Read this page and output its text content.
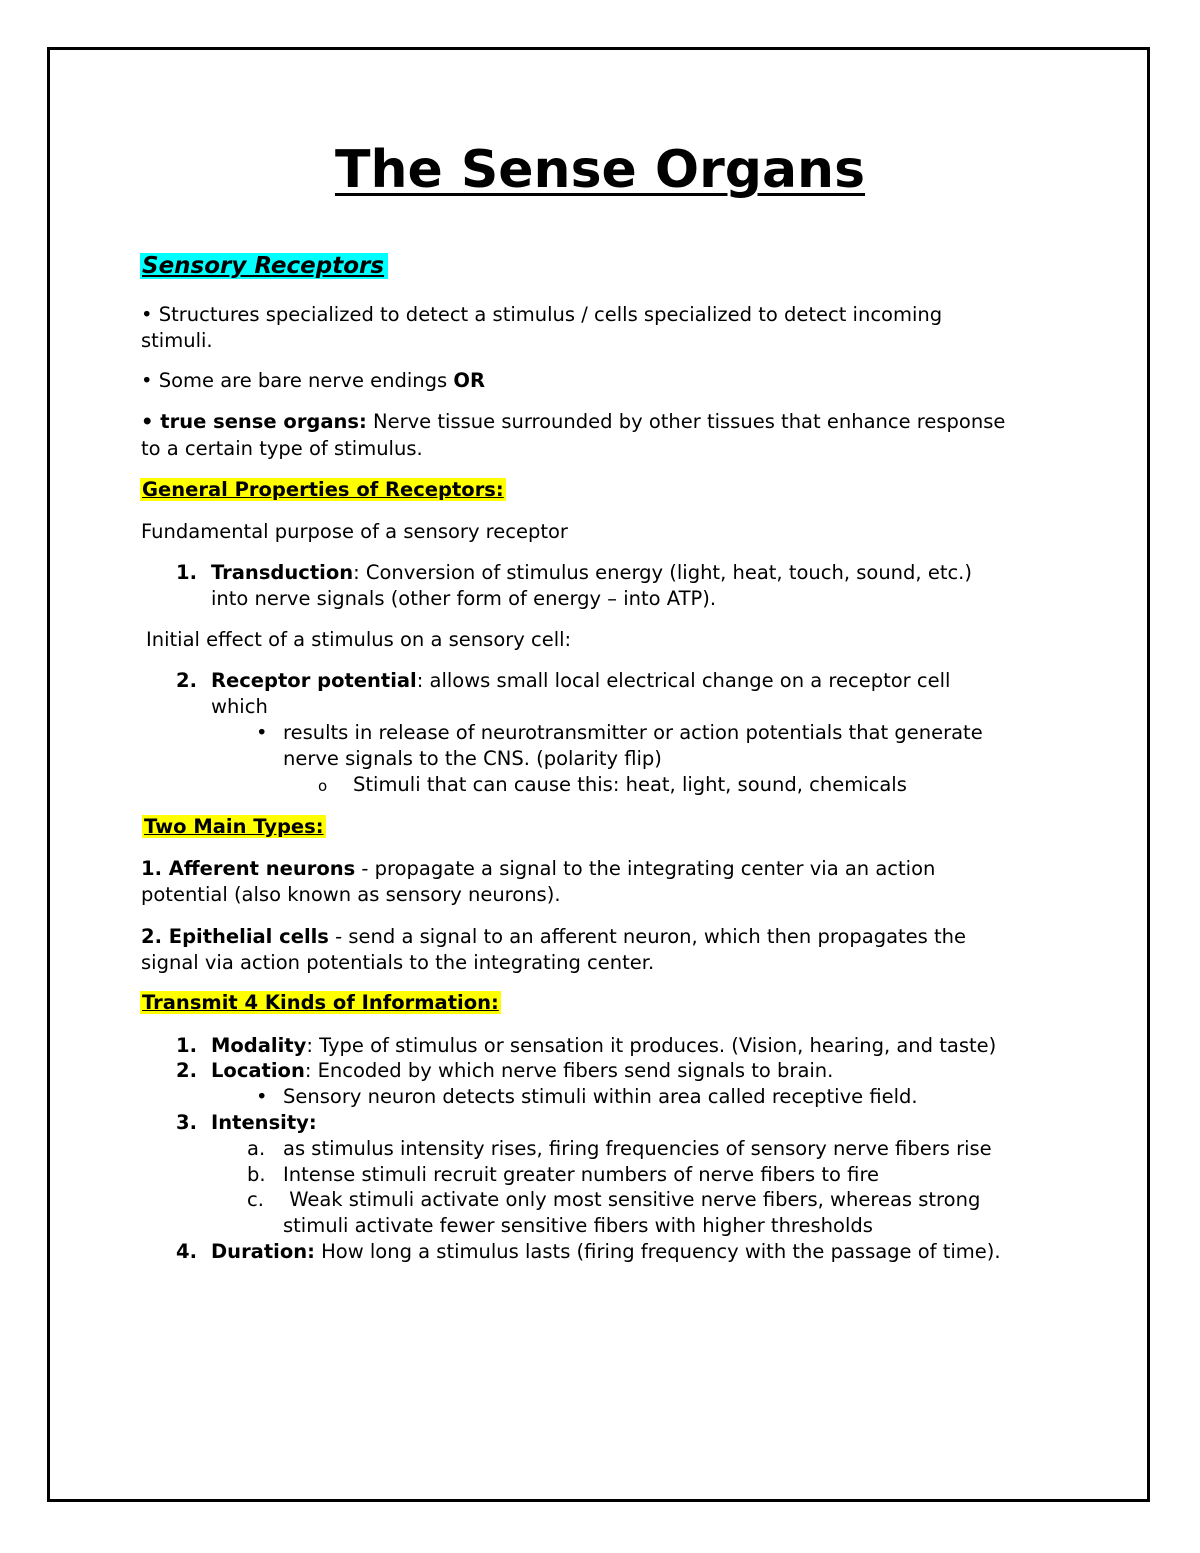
The Sense Organs
Sensory Receptors
• Structures specialized to detect a stimulus / cells specialized to detect incoming
stimuli.
• Some are bare nerve endings OR
• true sense organs: Nerve tissue surrounded by other tissues that enhance response
to a certain type of stimulus.
General Properties of Receptors:
Fundamental purpose of a sensory receptor
1. Transduction: Conversion of stimulus energy (light, heat, touch, sound, etc.)
into nerve signals (other form of energy – into ATP).
Initial effect of a stimulus on a sensory cell:
2. Receptor potential: allows small local electrical change on a receptor cell
which
• results in release of neurotransmitter or action potentials that generate
nerve signals to the CNS. (polarity flip)
o Stimuli that can cause this: heat, light, sound, chemicals
Two Main Types:
1. Afferent neurons - propagate a signal to the integrating center via an action
potential (also known as sensory neurons).
2. Epithelial cells - send a signal to an afferent neuron, which then propagates the
signal via action potentials to the integrating center.
Transmit 4 Kinds of Information:
1. Modality: Type of stimulus or sensation it produces. (Vision, hearing, and taste)
2. Location: Encoded by which nerve fibers send signals to brain.
• Sensory neuron detects stimuli within area called receptive field.
3. Intensity:
a. as stimulus intensity rises, firing frequencies of sensory nerve fibers rise
b. Intense stimuli recruit greater numbers of nerve fibers to fire
c. Weak stimuli activate only most sensitive nerve fibers, whereas strong
stimuli activate fewer sensitive fibers with higher thresholds
4. Duration: How long a stimulus lasts (firing frequency with the passage of time).
